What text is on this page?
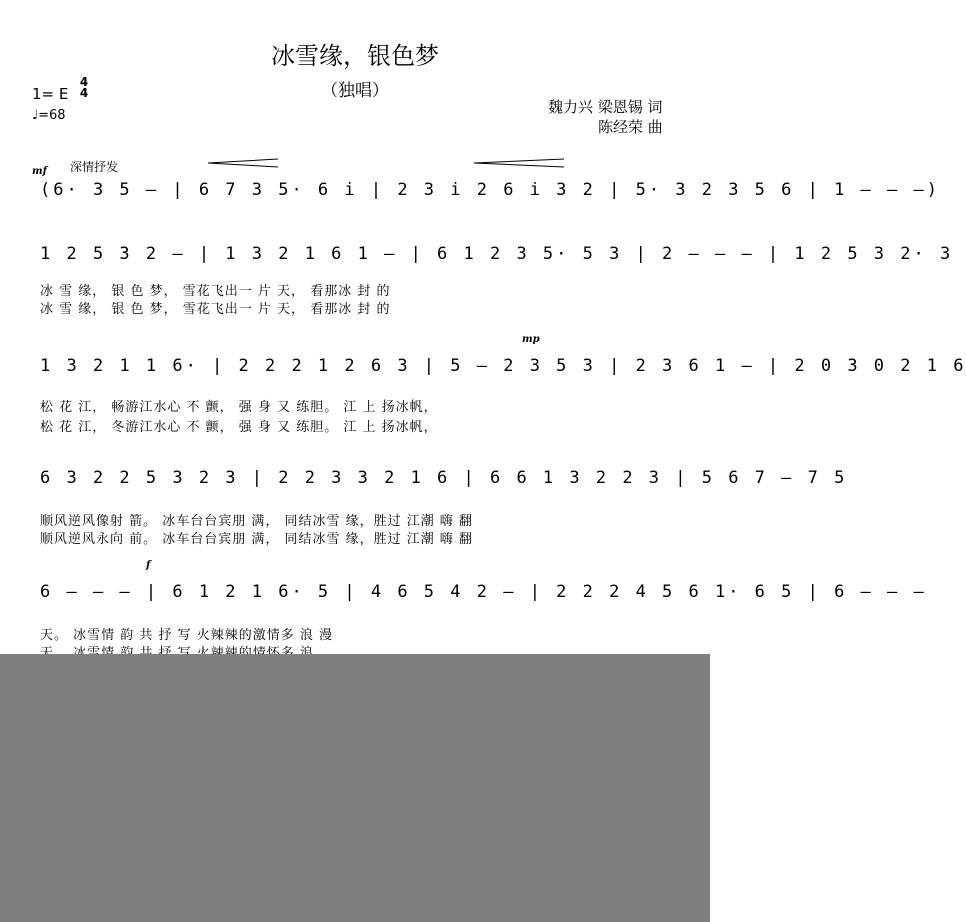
冰雪缘，银色梦
（独唱）
1= E
4
4
♩=68	魏力兴 梁恩锡 词
陈经荣 曲
mf 深情抒发
(6· 3 5 – | 6 7 3 5· 6 i | 2 3 i 2 6 i 3 2 | 5· 3 2 3 5 6 | 1 – – –)
1 2 5 3 2 – | 1 3 2 1 6 1 – | 6 1 2 3 5· 5 3 | 2 – – – | 1 2 5 3 2· 3
冰 雪 缘， 银 色 梦， 雪花飞出一 片 天， 看那冰 封 的
冰 雪 缘， 银 色 梦， 雪花飞出一 片 天， 看那冰 封 的
mp
1 3 2 1 1 6· | 2 2 2 1 2 6 3 | 5 – 2 3 5 3 | 2 3 6 1 – | 2 0 3 0 2 1 6
松 花 江， 畅游江水心 不 颤， 强 身 又 练胆。 江 上 扬冰帆，
松 花 江， 冬游江水心 不 颤， 强 身 又 练胆。 江 上 扬冰帆，
6 3 2 2 5 3 2 3 | 2 2 3 3 2 1 6 | 6 6 1 3 2 2 3 | 5 6 7 – 7 5
顺风逆风像射 箭。 冰车台台宾朋 满， 同结冰雪 缘，胜过 江潮 嗨 翻
顺风逆风永向 前。 冰车台台宾朋 满， 同结冰雪 缘，胜过 江潮 嗨 翻
f
6 – – – | 6 1 2 1 6· 5 | 4 6 5 4 2 – | 2 2 2 4 5 6 1· 6 5 | 6 – – –
天。 冰雪情 韵 共 抒 写 火辣辣的激情多 浪 漫
